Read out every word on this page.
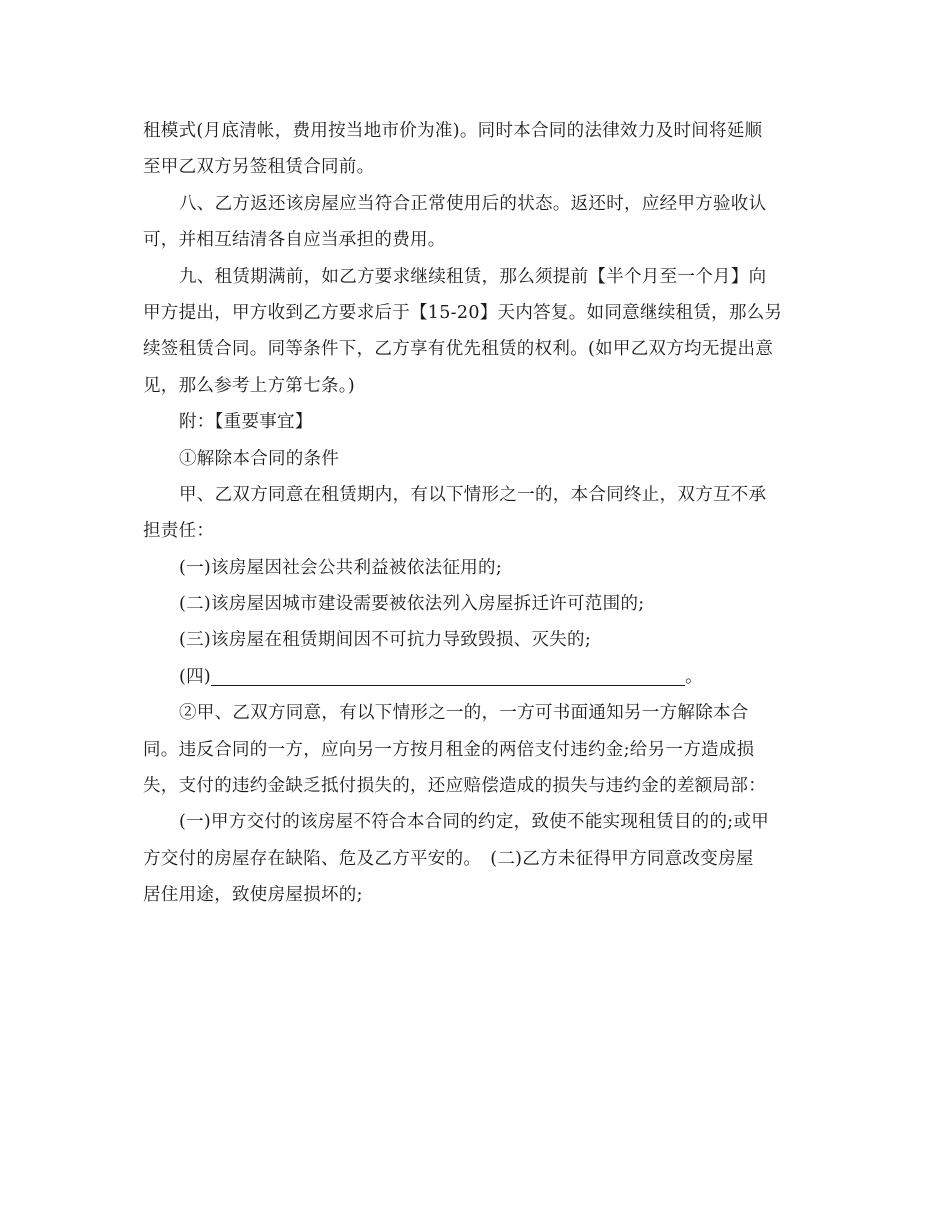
租模式(月底清帐，费用按当地市价为准)。同时本合同的法律效力及时间将延顺
至甲乙双方另签租赁合同前。
八、乙方返还该房屋应当符合正常使用后的状态。返还时，应经甲方验收认
可，并相互结清各自应当承担的费用。
九、租赁期满前，如乙方要求继续租赁，那么须提前【半个月至一个月】向
甲方提出，甲方收到乙方要求后于【15-20】天内答复。如同意继续租赁，那么另
续签租赁合同。同等条件下，乙方享有优先租赁的权利。(如甲乙双方均无提出意
见，那么参考上方第七条。)
附：【重要事宜】
①解除本合同的条件
甲、乙双方同意在租赁期内，有以下情形之一的，本合同终止，双方互不承
担责任：
(一)该房屋因社会公共利益被依法征用的;
(二)该房屋因城市建设需要被依法列入房屋拆迁许可范围的;
(三)该房屋在租赁期间因不可抗力导致毁损、灭失的;
(四)	。
②甲、乙双方同意，有以下情形之一的，一方可书面通知另一方解除本合
同。违反合同的一方，应向另一方按月租金的两倍支付违约金;给另一方造成损
失，支付的违约金缺乏抵付损失的，还应赔偿造成的损失与违约金的差额局部：
(一)甲方交付的该房屋不符合本合同的约定，致使不能实现租赁目的的;或甲
方交付的房屋存在缺陷、危及乙方平安的。　(二)乙方未征得甲方同意改变房屋
居住用途，致使房屋损坏的;
